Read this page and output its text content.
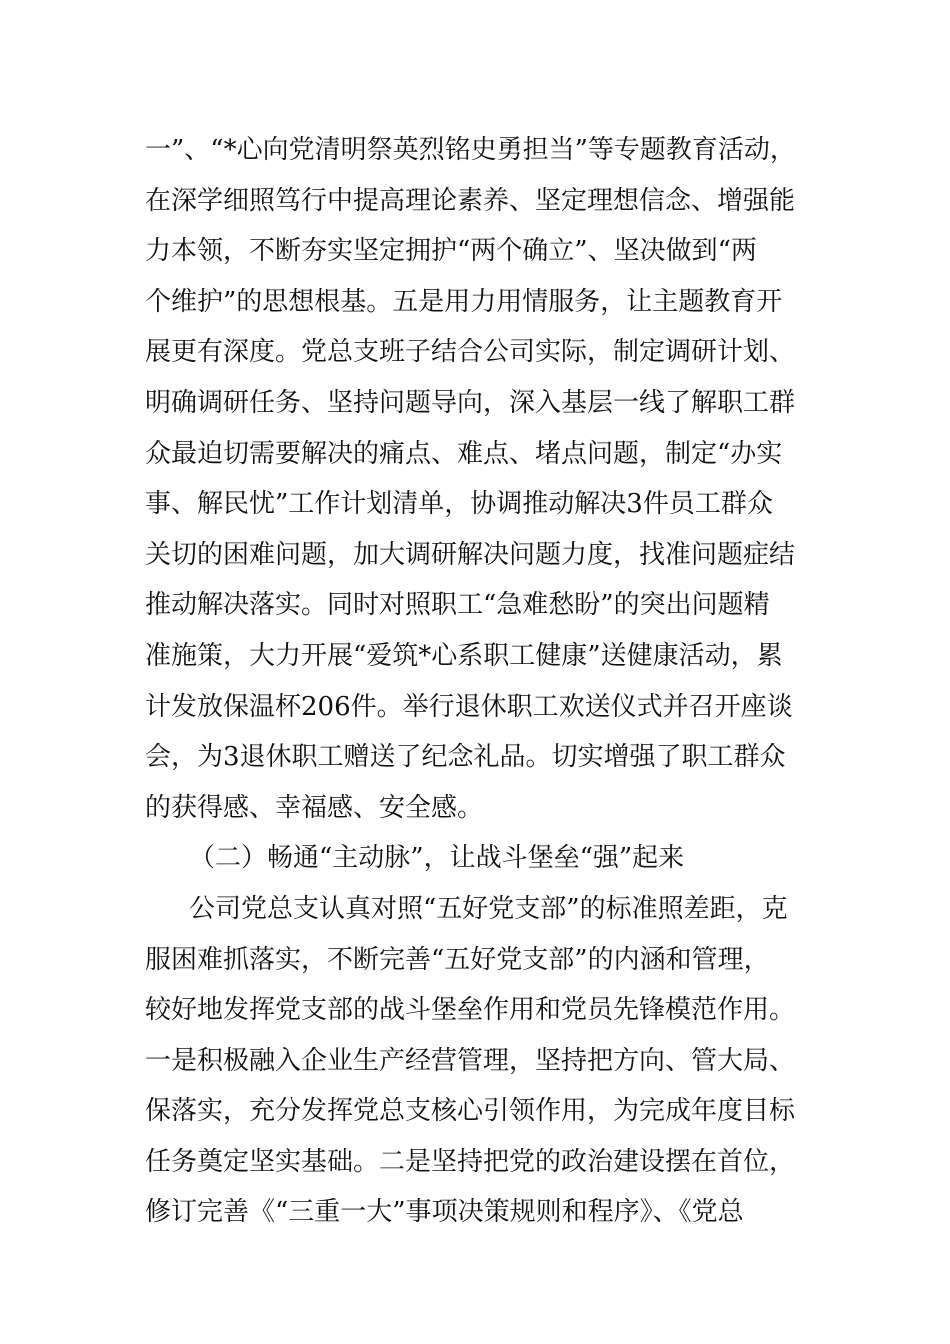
一”、“*心向党清明祭英烈铭史勇担当”等专题教育活动，
在深学细照笃行中提高理论素养、坚定理想信念、增强能
力本领，不断夯实坚定拥护“两个确立”、坚决做到“两
个维护”的思想根基。五是用力用情服务，让主题教育开
展更有深度。党总支班子结合公司实际，制定调研计划、
明确调研任务、坚持问题导向，深入基层一线了解职工群
众最迫切需要解决的痛点、难点、堵点问题，制定“办实
事、解民忧”工作计划清单，协调推动解决3件员工群众
关切的困难问题，加大调研解决问题力度，找准问题症结
推动解决落实。同时对照职工“急难愁盼”的突出问题精
准施策，大力开展“爱筑*心系职工健康”送健康活动，累
计发放保温杯206件。举行退休职工欢送仪式并召开座谈
会，为3退休职工赠送了纪念礼品。切实增强了职工群众
的获得感、幸福感、安全感。
（二）畅通“主动脉”，让战斗堡垒“强”起来
公司党总支认真对照“五好党支部”的标准照差距，克
服困难抓落实，不断完善“五好党支部”的内涵和管理，
较好地发挥党支部的战斗堡垒作用和党员先锋模范作用。
一是积极融入企业生产经营管理，坚持把方向、管大局、
保落实，充分发挥党总支核心引领作用，为完成年度目标
任务奠定坚实基础。二是坚持把党的政治建设摆在首位，
修订完善《“三重一大”事项决策规则和程序》、《党总
